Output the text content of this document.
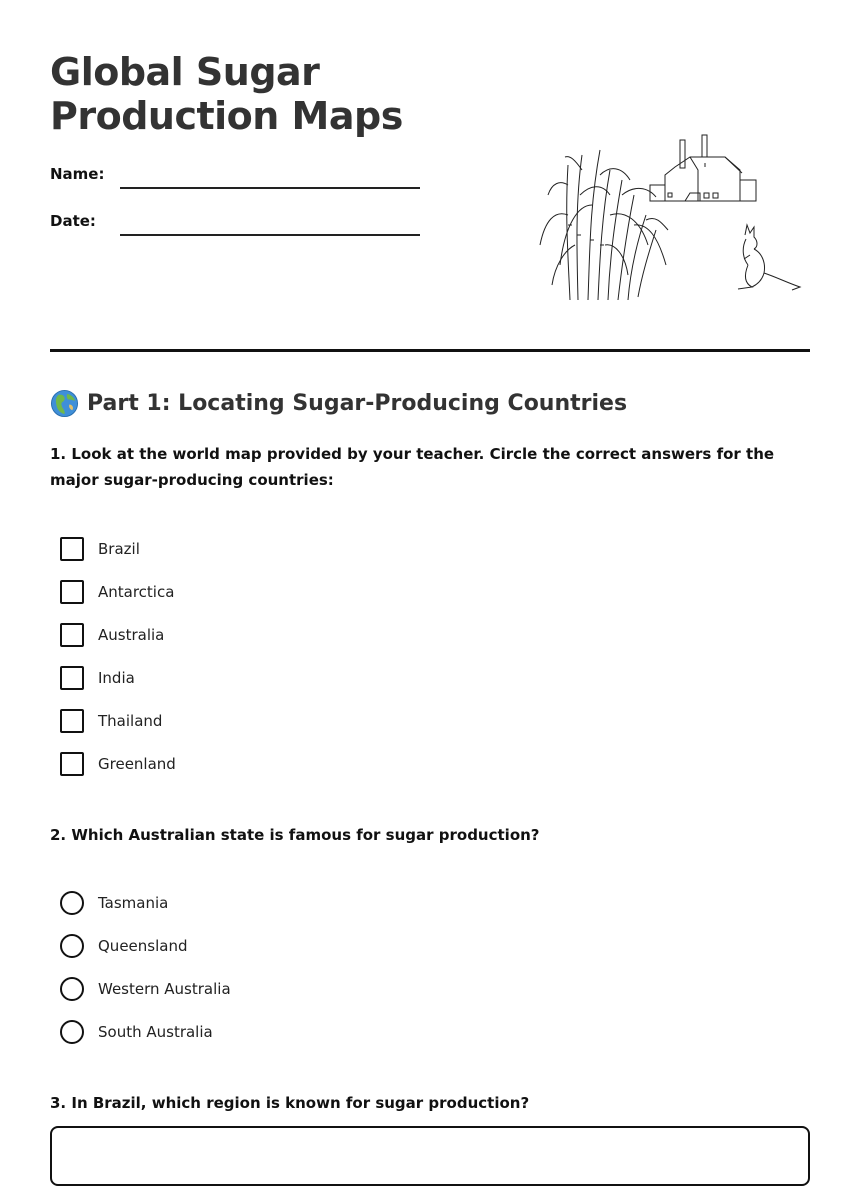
Global Sugar
Production Maps
Name:
Date:
Part 1: Locating Sugar-Producing Countries
1. Look at the world map provided by your teacher. Circle the correct answers for the major sugar-producing countries:
Brazil
Antarctica
Australia
India
Thailand
Greenland
2. Which Australian state is famous for sugar production?
Tasmania
Queensland
Western Australia
South Australia
3. In Brazil, which region is known for sugar production?
